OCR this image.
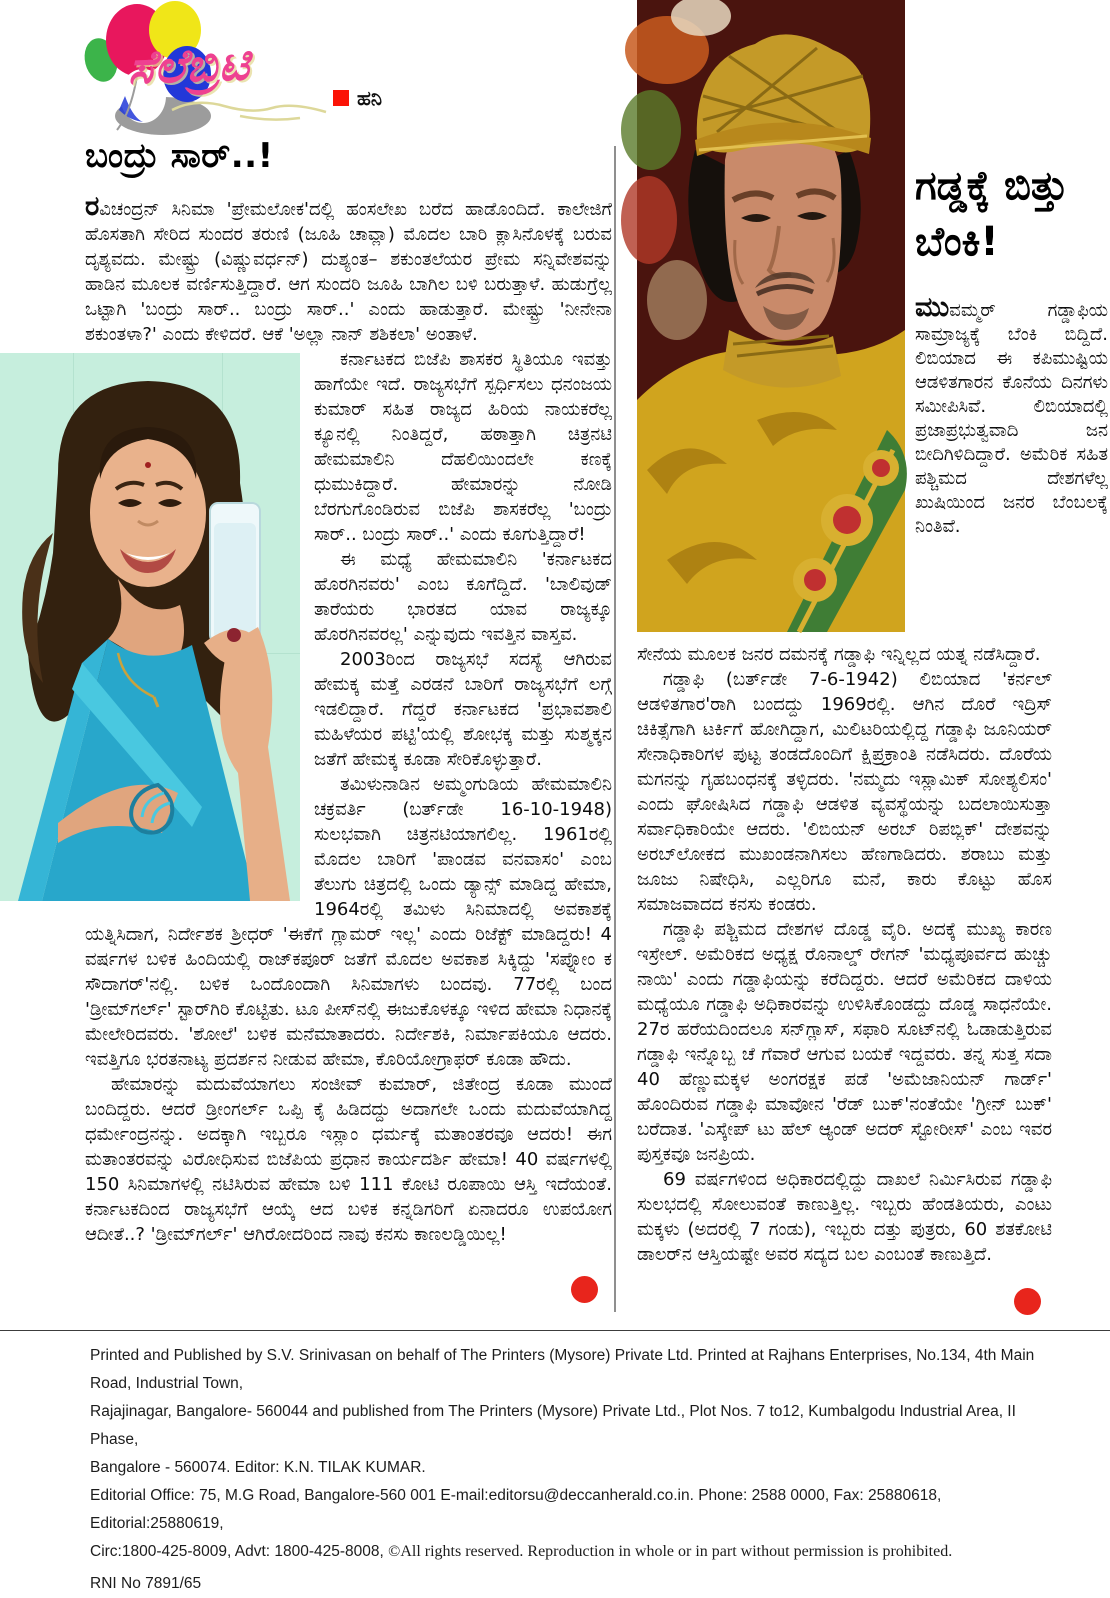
ಸೆಲೆಬ್ರಿಟಿ
ಹನಿ
ಬಂದ್ರು ಸಾರ್..!

ರವಿಚಂದ್ರನ್ ಸಿನಿಮಾ 'ಪ್ರೇಮಲೋಕ'ದಲ್ಲಿ ಹಂಸಲೇಖ ಬರೆದ ಹಾಡೊಂದಿದೆ. ಕಾಲೇಜಿಗೆ ಹೊಸತಾಗಿ ಸೇರಿದ ಸುಂದರ ತರುಣಿ (ಜೂಹಿ ಚಾವ್ಲಾ) ಮೊದಲ ಬಾರಿ ಕ್ಲಾಸಿನೊಳಕ್ಕೆ ಬರುವ ದೃಶ್ಯವದು. ಮೇಷ್ಟ್ರು (ವಿಷ್ಣುವರ್ಧನ್) ದುಶ್ಯಂತ– ಶಕುಂತಲೆಯರ ಪ್ರೇಮ ಸನ್ನಿವೇಶವನ್ನು ಹಾಡಿನ ಮೂಲಕ ವರ್ಣಿಸುತ್ತಿದ್ದಾರೆ. ಆಗ ಸುಂದರಿ ಜೂಹಿ ಬಾಗಿಲ ಬಳಿ ಬರುತ್ತಾಳೆ. ಹುಡುಗ್ರೆಲ್ಲ ಒಟ್ಟಾಗಿ 'ಬಂದ್ರು ಸಾರ್.. ಬಂದ್ರು ಸಾರ್..' ಎಂದು ಹಾಡುತ್ತಾರೆ. ಮೇಷ್ಟ್ರು 'ನೀನೇನಾ ಶಕುಂತಳಾ?' ಎಂದು ಕೇಳಿದರೆ. ಆಕೆ 'ಅಲ್ಲಾ ನಾನ್ ಶಶಿಕಲಾ' ಅಂತಾಳೆ.

ಕರ್ನಾಟಕದ ಬಿಜೆಪಿ ಶಾಸಕರ ಸ್ಥಿತಿಯೂ ಇವತ್ತು ಹಾಗೆಯೇ ಇದೆ. ರಾಜ್ಯಸಭೆಗೆ ಸ್ಪರ್ಧಿಸಲು ಧನಂಜಯ ಕುಮಾರ್ ಸಹಿತ ರಾಜ್ಯದ ಹಿರಿಯ ನಾಯಕರೆಲ್ಲ ಕ್ಯೂನಲ್ಲಿ ನಿಂತಿದ್ದರೆ, ಹಠಾತ್ತಾಗಿ ಚಿತ್ರನಟಿ ಹೇಮಮಾಲಿನಿ ದೆಹಲಿಯಿಂದಲೇ ಕಣಕ್ಕೆ ಧುಮುಕಿದ್ದಾರೆ. ಹೇಮಾರನ್ನು ನೋಡಿ ಬೆರಗುಗೊಂಡಿರುವ ಬಿಜೆಪಿ ಶಾಸಕರೆಲ್ಲ 'ಬಂದ್ರು ಸಾರ್.. ಬಂದ್ರು ಸಾರ್..' ಎಂದು ಕೂಗುತ್ತಿದ್ದಾರೆ!

ಈ ಮಧ್ಯೆ ಹೇಮಮಾಲಿನಿ 'ಕರ್ನಾಟಕದ ಹೊರಗಿನವರು' ಎಂಬ ಕೂಗೆದ್ದಿದೆ. 'ಬಾಲಿವುಡ್ ತಾರೆಯರು ಭಾರತದ ಯಾವ ರಾಜ್ಯಕ್ಕೂ ಹೊರಗಿನವರಲ್ಲ' ಎನ್ನುವುದು ಇವತ್ತಿನ ವಾಸ್ತವ.

2003ರಿಂದ ರಾಜ್ಯಸಭೆ ಸದಸ್ಯೆ ಆಗಿರುವ ಹೇಮಕ್ಕ ಮತ್ತೆ ಎರಡನೆ ಬಾರಿಗೆ ರಾಜ್ಯಸಭೆಗೆ ಲಗ್ಗೆ ಇಡಲಿದ್ದಾರೆ. ಗೆದ್ದರೆ ಕರ್ನಾಟಕದ 'ಪ್ರಭಾವಶಾಲಿ ಮಹಿಳೆಯರ ಪಟ್ಟಿ'ಯಲ್ಲಿ ಶೋಭಕ್ಕ ಮತ್ತು ಸುಶ್ಮಕ್ಕನ ಜತೆಗೆ ಹೇಮಕ್ಕ ಕೂಡಾ ಸೇರಿಕೊಳ್ಳುತ್ತಾರೆ.

ತಮಿಳುನಾಡಿನ ಅಮ್ಮಂಗುಡಿಯ ಹೇಮಮಾಲಿನಿ ಚಕ್ರವರ್ತಿ (ಬರ್ತ್‌ಡೇ 16-10-1948) ಸುಲಭವಾಗಿ ಚಿತ್ರನಟಿಯಾಗಲಿಲ್ಲ. 1961ರಲ್ಲಿ ಮೊದಲ ಬಾರಿಗೆ 'ಪಾಂಡವ ವನವಾಸಂ' ಎಂಬ ತೆಲುಗು ಚಿತ್ರದಲ್ಲಿ ಒಂದು ಡ್ಯಾನ್ಸ್ ಮಾಡಿದ್ದ ಹೇಮಾ, 1964ರಲ್ಲಿ ತಮಿಳು ಸಿನಿಮಾದಲ್ಲಿ ಅವಕಾಶಕ್ಕೆ ಯತ್ನಿಸಿದಾಗ, ನಿರ್ದೇಶಕ ಶ್ರೀಧರ್ 'ಈಕೆಗೆ ಗ್ಲಾಮರ್ ಇಲ್ಲ' ಎಂದು ರಿಜೆಕ್ಟ್ ಮಾಡಿದ್ದರು! 4 ವರ್ಷಗಳ ಬಳಿಕ ಹಿಂದಿಯಲ್ಲಿ ರಾಜ್‌ಕಪೂರ್ ಜತೆಗೆ ಮೊದಲ ಅವಕಾಶ ಸಿಕ್ಕಿದ್ದು 'ಸಪ್ನೋಂ ಕ ಸೌದಾಗರ್'ನಲ್ಲಿ. ಬಳಿಕ ಒಂದೊಂದಾಗಿ ಸಿನಿಮಾಗಳು ಬಂದವು. 77ರಲ್ಲಿ ಬಂದ 'ಡ್ರೀಮ್‌ಗರ್ಲ್' ಸ್ಟಾರ್‌ಗಿರಿ ಕೊಟ್ಟಿತು. ಟೂ ಪೀಸ್‌ನಲ್ಲಿ ಈಜುಕೊಳಕ್ಕೂ ಇಳಿದ ಹೇಮಾ ನಿಧಾನಕ್ಕೆ ಮೇಲೇರಿದವರು. 'ಶೋಲೆ' ಬಳಿಕ ಮನೆಮಾತಾದರು. ನಿರ್ದೇಶಕಿ, ನಿರ್ಮಾಪಕಿಯೂ ಆದರು. ಇವತ್ತಿಗೂ ಭರತನಾಟ್ಯ ಪ್ರದರ್ಶನ ನೀಡುವ ಹೇಮಾ, ಕೊರಿಯೋಗ್ರಾಫರ್ ಕೂಡಾ ಹೌದು.

ಹೇಮಾರನ್ನು ಮದುವೆಯಾಗಲು ಸಂಜೀವ್ ಕುಮಾರ್, ಜಿತೇಂದ್ರ ಕೂಡಾ ಮುಂದೆ ಬಂದಿದ್ದರು. ಆದರೆ ಡ್ರೀಂಗರ್ಲ್ ಒಪ್ಪಿ ಕೈ ಹಿಡಿದದ್ದು ಅದಾಗಲೇ ಒಂದು ಮದುವೆಯಾಗಿದ್ದ ಧರ್ಮೇಂದ್ರನನ್ನು. ಅದಕ್ಕಾಗಿ ಇಬ್ಬರೂ ಇಸ್ಲಾಂ ಧರ್ಮಕ್ಕೆ ಮತಾಂತರವೂ ಆದರು! ಈಗ ಮತಾಂತರವನ್ನು ವಿರೋಧಿಸುವ ಬಿಜೆಪಿಯ ಪ್ರಧಾನ ಕಾರ್ಯದರ್ಶಿ ಹೇಮಾ! 40 ವರ್ಷಗಳಲ್ಲಿ 150 ಸಿನಿಮಾಗಳಲ್ಲಿ ನಟಿಸಿರುವ ಹೇಮಾ ಬಳಿ 111 ಕೋಟಿ ರೂಪಾಯಿ ಆಸ್ತಿ ಇದೆಯಂತೆ. ಕರ್ನಾಟಕದಿಂದ ರಾಜ್ಯಸಭೆಗೆ ಆಯ್ಕೆ ಆದ ಬಳಿಕ ಕನ್ನಡಿಗರಿಗೆ ಏನಾದರೂ ಉಪಯೋಗ ಆದೀತೆ..? 'ಡ್ರೀಮ್‌ಗರ್ಲ್' ಆಗಿರೋದರಿಂದ ನಾವು ಕನಸು ಕಾಣಲಡ್ಡಿಯಿಲ್ಲ!

ಗಡ್ಡಕ್ಕೆ ಬಿತ್ತು ಬೆಂಕಿ!

ಮುವಮ್ಮರ್ ಗಡ್ಡಾಫಿಯ ಸಾಮ್ರಾಜ್ಯಕ್ಕೆ ಬೆಂಕಿ ಬಿದ್ದಿದೆ. ಲಿಬಿಯಾದ ಈ ಕಪಿಮುಷ್ಟಿಯ ಆಡಳಿತಗಾರನ ಕೊನೆಯ ದಿನಗಳು ಸಮೀಪಿಸಿವೆ. ಲಿಬಿಯಾದಲ್ಲಿ ಪ್ರಜಾಪ್ರಭುತ್ವವಾದಿ ಜನ ಬೀದಿಗಿಳಿದಿದ್ದಾರೆ. ಅಮೆರಿಕ ಸಹಿತ ಪಶ್ಚಿಮದ ದೇಶಗಳೆಲ್ಲ ಖುಷಿಯಿಂದ ಜನರ ಬೆಂಬಲಕ್ಕೆ ನಿಂತಿವೆ.

ಸೇನೆಯ ಮೂಲಕ ಜನರ ದಮನಕ್ಕೆ ಗಡ್ಡಾಫಿ ಇನ್ನಿಲ್ಲದ ಯತ್ನ ನಡೆಸಿದ್ದಾರೆ.

ಗಡ್ಡಾಫಿ (ಬರ್ತ್‌ಡೇ 7-6-1942) ಲಿಬಿಯಾದ 'ಕರ್ನಲ್ ಆಡಳಿತಗಾರ'ರಾಗಿ ಬಂದದ್ದು 1969ರಲ್ಲಿ. ಆಗಿನ ದೊರೆ ಇದ್ರಿಸ್ ಚಿಕಿತ್ಸೆಗಾಗಿ ಟರ್ಕಿಗೆ ಹೋಗಿದ್ದಾಗ, ಮಿಲಿಟರಿಯಲ್ಲಿದ್ದ ಗಡ್ಡಾಫಿ ಜೂನಿಯರ್ ಸೇನಾಧಿಕಾರಿಗಳ ಪುಟ್ಟ ತಂಡದೊಂದಿಗೆ ಕ್ಷಿಪ್ರಕ್ರಾಂತಿ ನಡೆಸಿದರು. ದೊರೆಯ ಮಗನನ್ನು ಗೃಹಬಂಧನಕ್ಕೆ ತಳ್ಳಿದರು. 'ನಮ್ಮದು ಇಸ್ಲಾಮಿಕ್ ಸೋಶ್ಯಲಿಸಂ' ಎಂದು ಘೋಷಿಸಿದ ಗಡ್ಡಾಫಿ ಆಡಳಿತ ವ್ಯವಸ್ಥೆಯನ್ನು ಬದಲಾಯಿಸುತ್ತಾ ಸರ್ವಾಧಿಕಾರಿಯೇ ಆದರು. 'ಲಿಬಿಯನ್ ಅರಬ್ ರಿಪಬ್ಲಿಕ್' ದೇಶವನ್ನು ಅರಬ್‌ಲೋಕದ ಮುಖಂಡನಾಗಿಸಲು ಹೆಣಗಾಡಿದರು. ಶರಾಬು ಮತ್ತು ಜೂಜು ನಿಷೇಧಿಸಿ, ಎಲ್ಲರಿಗೂ ಮನೆ, ಕಾರು ಕೊಟ್ಟು ಹೊಸ ಸಮಾಜವಾದದ ಕನಸು ಕಂಡರು.

ಗಡ್ಡಾಫಿ ಪಶ್ಚಿಮದ ದೇಶಗಳ ದೊಡ್ಡ ವೈರಿ. ಅದಕ್ಕೆ ಮುಖ್ಯ ಕಾರಣ ಇಸ್ರೇಲ್. ಅಮೆರಿಕದ ಅಧ್ಯಕ್ಷ ರೊನಾಲ್ಡ್ ರೇಗನ್ 'ಮಧ್ಯಪೂರ್ವದ ಹುಚ್ಚು ನಾಯಿ' ಎಂದು ಗಡ್ಡಾಫಿಯನ್ನು ಕರೆದಿದ್ದರು. ಆದರೆ ಅಮೆರಿಕದ ದಾಳಿಯ ಮಧ್ಯೆಯೂ ಗಡ್ಡಾಫಿ ಅಧಿಕಾರವನ್ನು ಉಳಿಸಿಕೊಂಡದ್ದು ದೊಡ್ಡ ಸಾಧನೆಯೇ. 27ರ ಹರೆಯದಿಂದಲೂ ಸನ್‌ಗ್ಲಾಸ್, ಸಫಾರಿ ಸೂಟ್‌ನಲ್ಲಿ ಓಡಾಡುತ್ತಿರುವ ಗಡ್ಡಾಫಿ ಇನ್ನೊಬ್ಬ ಚೆ ಗೆವಾರೆ ಆಗುವ ಬಯಕೆ ಇದ್ದವರು. ತನ್ನ ಸುತ್ತ ಸದಾ 40 ಹೆಣ್ಣುಮಕ್ಕಳ ಅಂಗರಕ್ಷಕ ಪಡೆ 'ಅಮೆಜಾನಿಯನ್ ಗಾರ್ಡ್' ಹೊಂದಿರುವ ಗಡ್ಡಾಫಿ ಮಾವೋನ 'ರೆಡ್ ಬುಕ್'ನಂತೆಯೇ 'ಗ್ರೀನ್ ಬುಕ್' ಬರೆದಾತ. 'ಎಸ್ಕೇಪ್ ಟು ಹೆಲ್ ಆ್ಯಂಡ್ ಅದರ್ ಸ್ಟೋರೀಸ್' ಎಂಬ ಇವರ ಪುಸ್ತಕವೂ ಜನಪ್ರಿಯ.

69 ವರ್ಷಗಳಿಂದ ಅಧಿಕಾರದಲ್ಲಿದ್ದು ದಾಖಲೆ ನಿರ್ಮಿಸಿರುವ ಗಡ್ಡಾಫಿ ಸುಲಭದಲ್ಲಿ ಸೋಲುವಂತೆ ಕಾಣುತ್ತಿಲ್ಲ. ಇಬ್ಬರು ಹೆಂಡತಿಯರು, ಎಂಟು ಮಕ್ಕಳು (ಅದರಲ್ಲಿ 7 ಗಂಡು), ಇಬ್ಬರು ದತ್ತು ಪುತ್ರರು, 60 ಶತಕೋಟಿ ಡಾಲರ್‌ನ ಆಸ್ತಿಯಷ್ಟೇ ಅವರ ಸದ್ಯದ ಬಲ ಎಂಬಂತೆ ಕಾಣುತ್ತಿದೆ.

Printed and Published by S.V. Srinivasan on behalf of The Printers (Mysore) Private Ltd. Printed at Rajhans Enterprises, No.134, 4th Main Road, Industrial Town,
Rajajinagar, Bangalore- 560044 and published from The Printers (Mysore) Private Ltd., Plot Nos. 7 to12, Kumbalgodu Industrial Area, II Phase,
Bangalore - 560074. Editor: K.N. TILAK KUMAR.
Editorial Office: 75, M.G Road, Bangalore-560 001 E-mail:editorsu@deccanherald.co.in. Phone: 2588 0000, Fax: 25880618, Editorial:25880619,
Circ:1800-425-8009, Advt: 1800-425-8008, ©All rights reserved. Reproduction in whole or in part without permission is prohibited.
RNI No 7891/65
